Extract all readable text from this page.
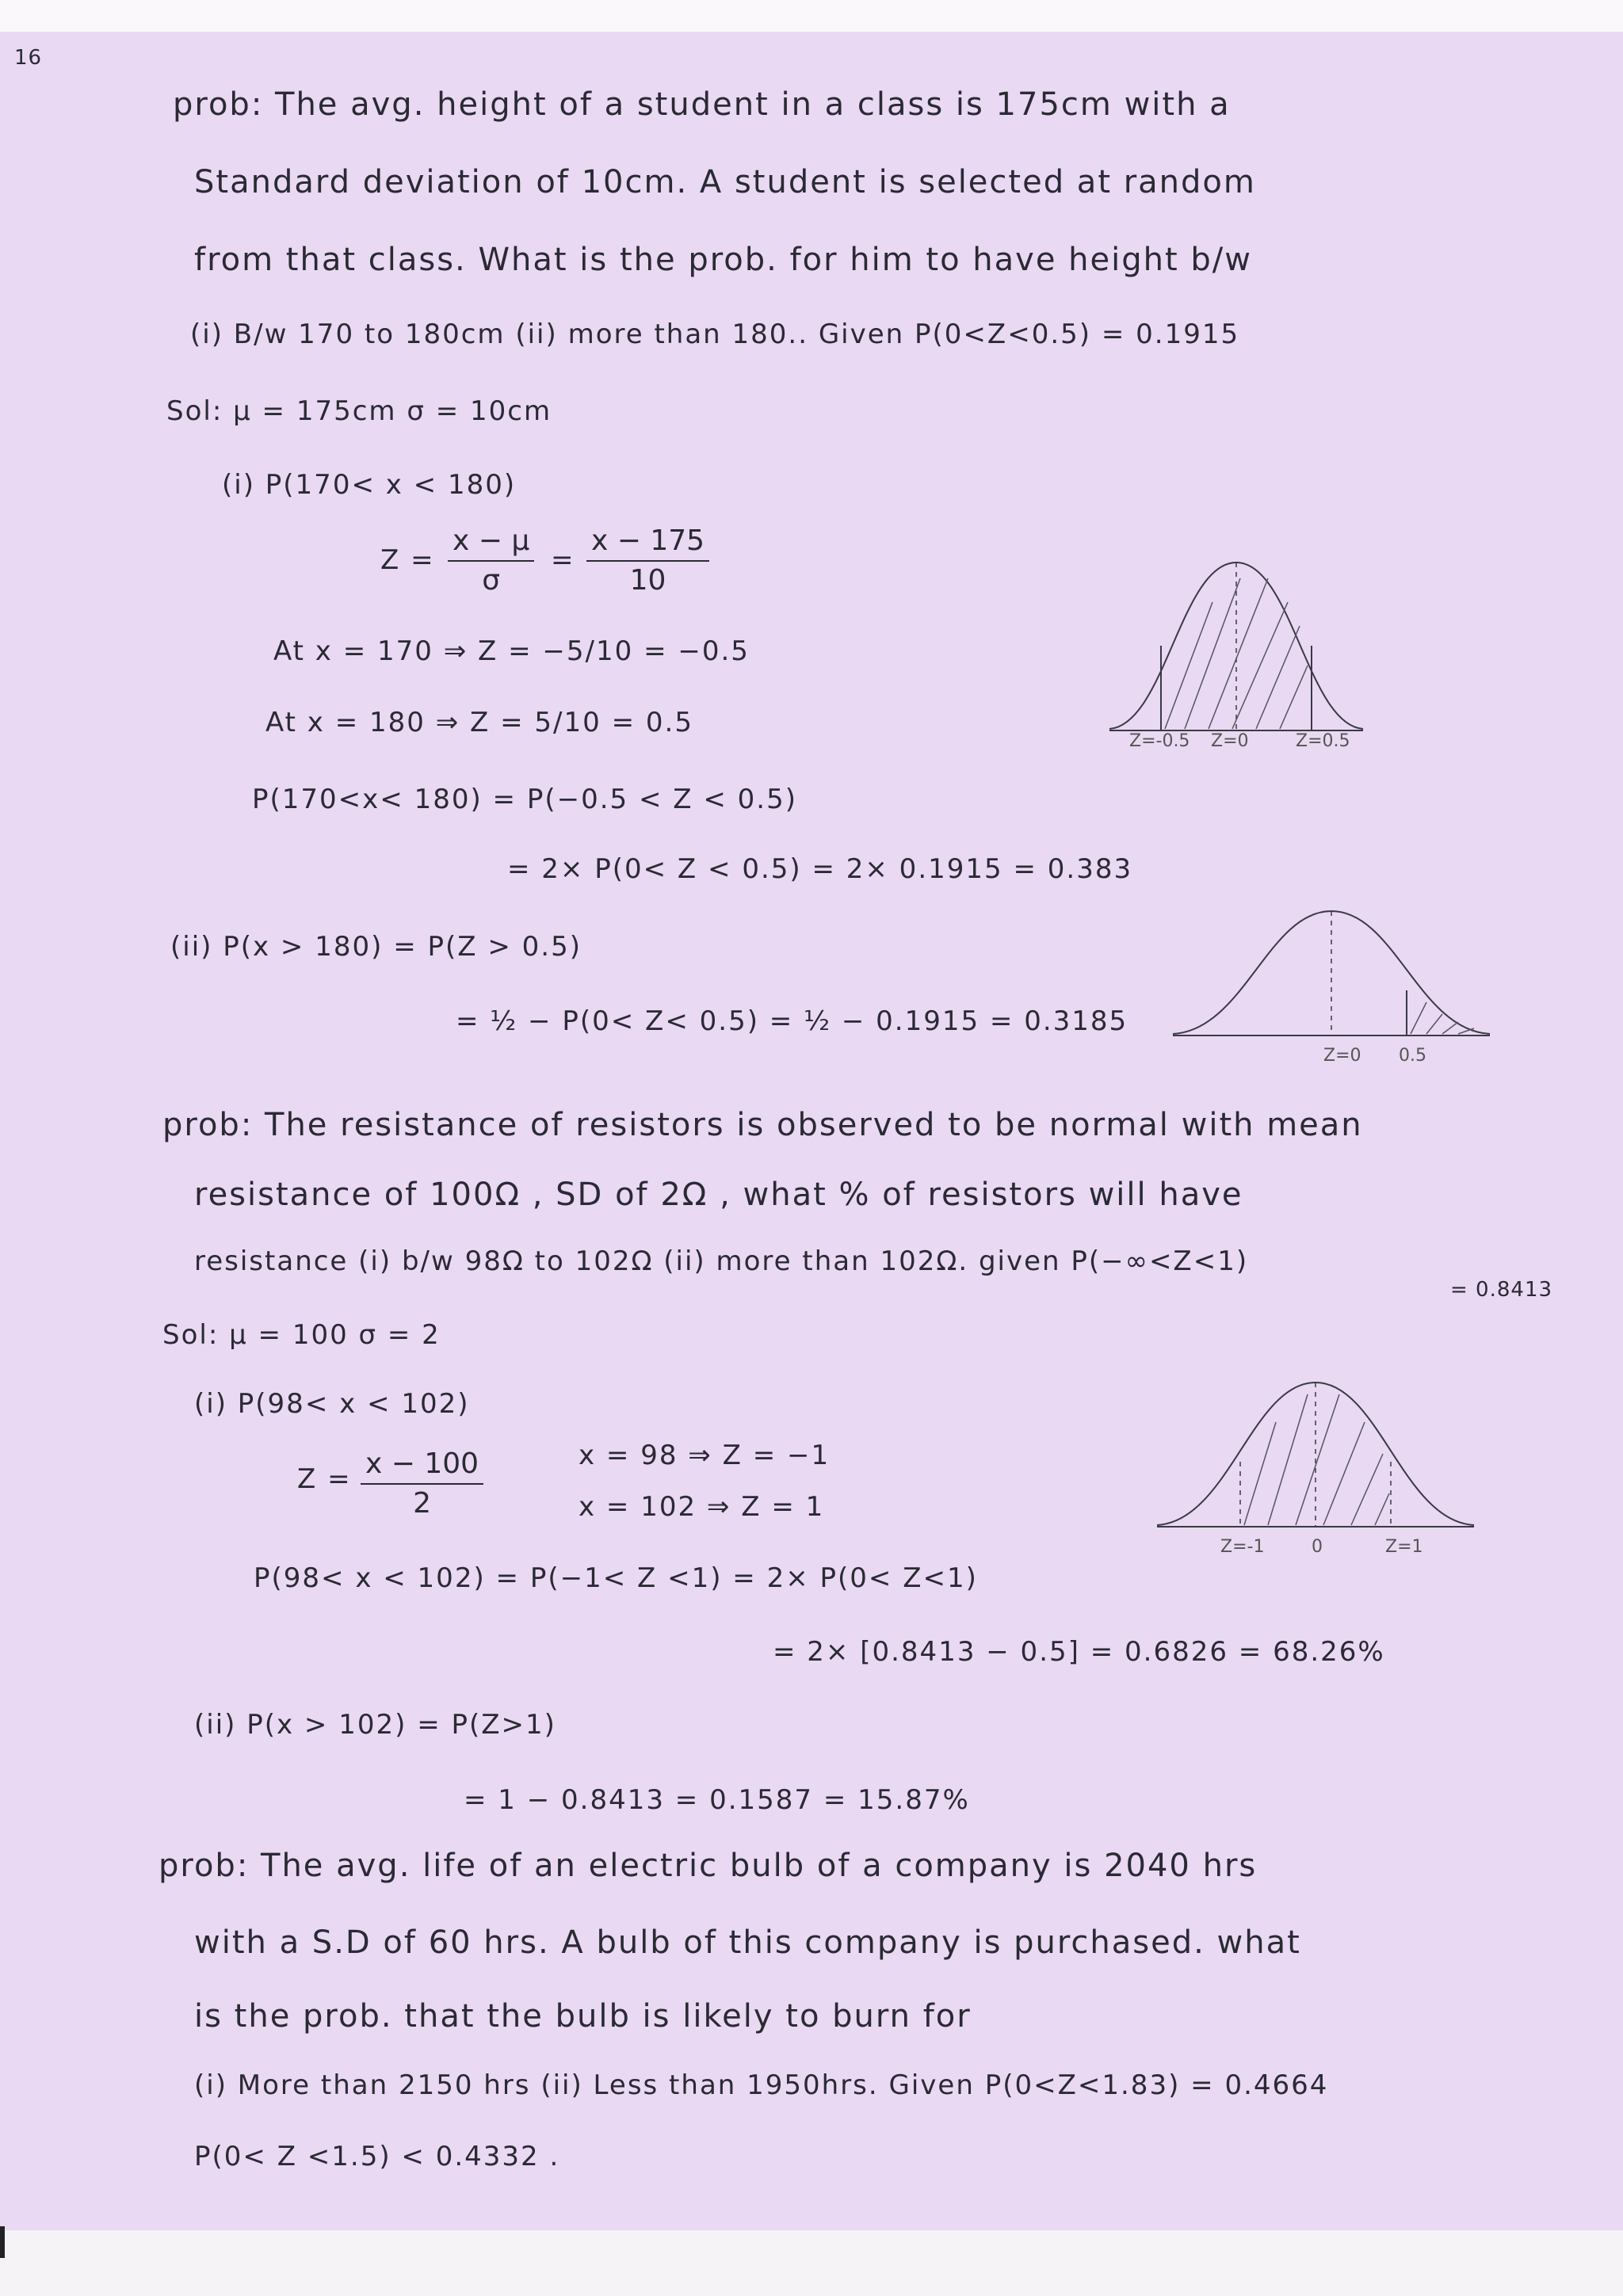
16
prob: The avg. height of a student in a class is 175cm with a
Standard deviation of 10cm. A student is selected at random
from that class. What is the prob. for him to have height b/w
(i) B/w 170 to 180cm (ii) more than 180.. Given P(0<Z<0.5) = 0.1915
Sol: μ = 175cm σ = 10cm
(i) P(170< x < 180)
$Z = \frac{x - \mu}{\sigma} = \frac{x - 175}{10}$
At x = 170 ⇒ Z = −5/10 = −0.5
At x = 180 ⇒ Z = 5/10 = 0.5
P(170<x< 180) = P(−0.5 < Z < 0.5)
= 2× P(0< Z < 0.5) = 2× 0.1915 = 0.383
(ii) P(x > 180) = P(Z > 0.5)
= ½ − P(0< Z< 0.5) = ½ − 0.1915 = 0.3185
Z=-0.5 Z=0	Z=0.5
Z=0 0.5
prob: The resistance of resistors is observed to be normal with mean
resistance of 100Ω , SD of 2Ω , what % of resistors will have
resistance (i) b/w 98Ω to 102Ω (ii) more than 102Ω. given P(−∞<Z<1)
= 0.8413
Sol: μ = 100 σ = 2
(i) P(98< x < 102)
$Z = \frac{x - 100}{2}$	x = 98 ⇒ Z = −1
x = 102 ⇒ Z = 1
P(98< x < 102) = P(−1< Z <1) = 2× P(0< Z<1)
= 2× [0.8413 − 0.5] = 0.6826 = 68.26%
(ii) P(x > 102) = P(Z>1)
= 1 − 0.8413 = 0.1587 = 15.87%
Z=-1	0	Z=1
prob: The avg. life of an electric bulb of a company is 2040 hrs
with a S.D of 60 hrs. A bulb of this company is purchased. what
is the prob. that the bulb is likely to burn for
(i) More than 2150 hrs (ii) Less than 1950hrs. Given P(0<Z<1.83) = 0.4664
P(0< Z <1.5) < 0.4332 .
